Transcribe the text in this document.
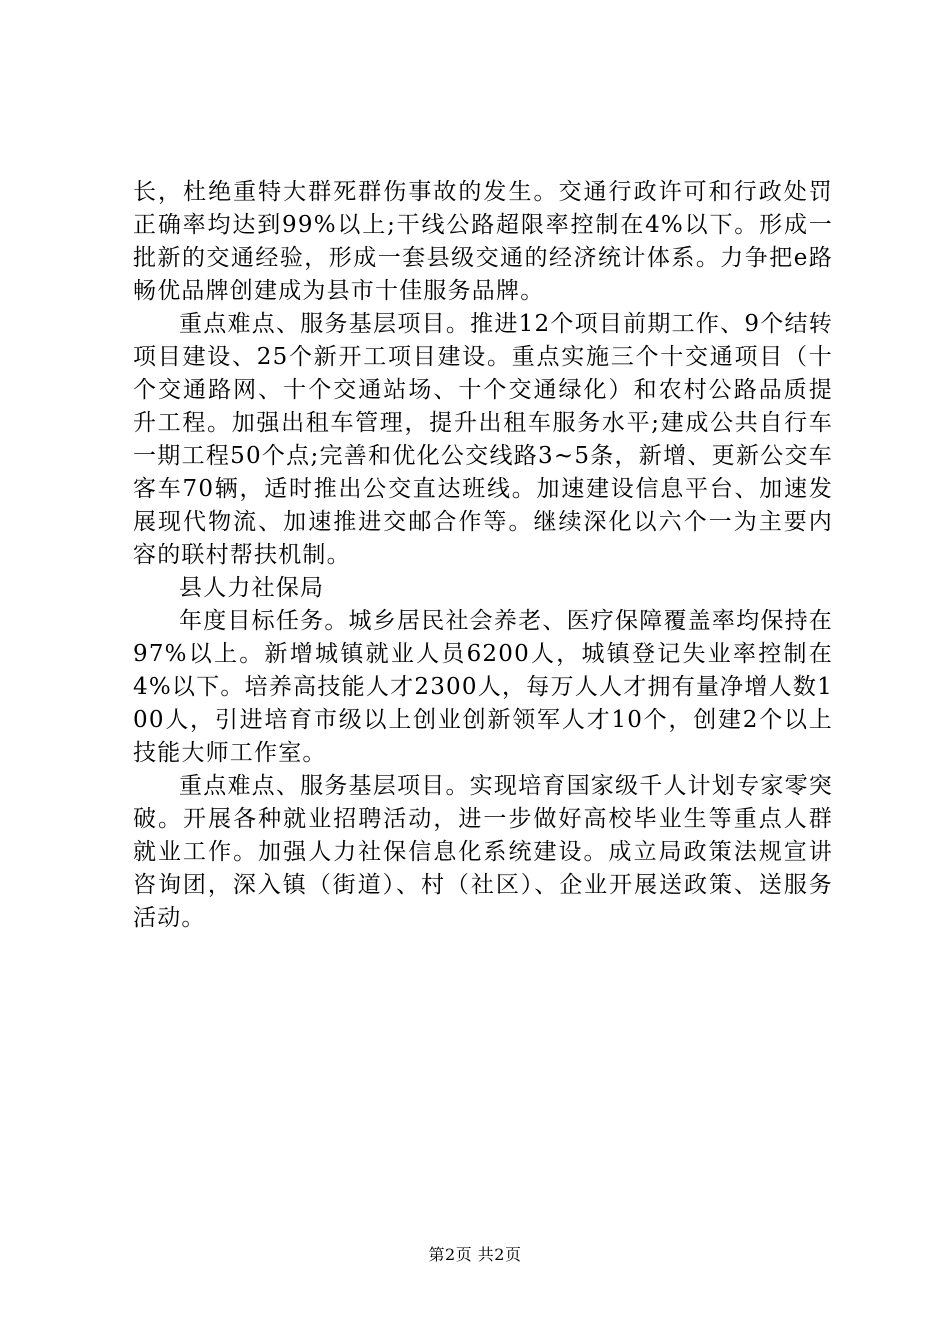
长，杜绝重特大群死群伤事故的发生。交通行政许可和行政处罚正确率均达到99%以上;干线公路超限率控制在4%以下。形成一批新的交通经验，形成一套县级交通的经济统计体系。力争把e路畅优品牌创建成为县市十佳服务品牌。

重点难点、服务基层项目。推进12个项目前期工作、9个结转项目建设、25个新开工项目建设。重点实施三个十交通项目（十个交通路网、十个交通站场、十个交通绿化）和农村公路品质提升工程。加强出租车管理，提升出租车服务水平;建成公共自行车一期工程50个点;完善和优化公交线路3~5条，新增、更新公交车客车70辆，适时推出公交直达班线。加速建设信息平台、加速发展现代物流、加速推进交邮合作等。继续深化以六个一为主要内容的联村帮扶机制。

县人力社保局

年度目标任务。城乡居民社会养老、医疗保障覆盖率均保持在97%以上。新增城镇就业人员6200人，城镇登记失业率控制在4%以下。培养高技能人才2300人，每万人人才拥有量净增人数100人，引进培育市级以上创业创新领军人才10个，创建2个以上技能大师工作室。

重点难点、服务基层项目。实现培育国家级千人计划专家零突破。开展各种就业招聘活动，进一步做好高校毕业生等重点人群就业工作。加强人力社保信息化系统建设。成立局政策法规宣讲咨询团，深入镇（街道）、村（社区）、企业开展送政策、送服务活动。

第2页 共2页
